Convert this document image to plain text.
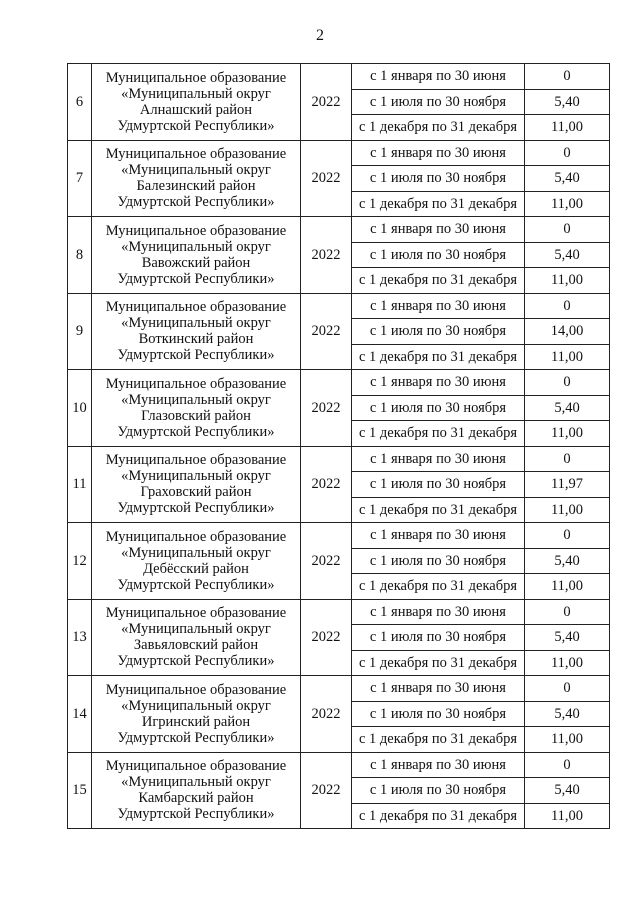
2
6	Муниципальное образование
«Муниципальный округ
Алнашский район
Удмуртской Республики»	2022	с 1 января по 30 июня	0
			с 1 июля по 30 ноября	5,40
			с 1 декабря по 31 декабря	11,00
7	Муниципальное образование
«Муниципальный округ
Балезинский район
Удмуртской Республики»	2022	с 1 января по 30 июня	0
			с 1 июля по 30 ноября	5,40
			с 1 декабря по 31 декабря	11,00
8	Муниципальное образование
«Муниципальный округ
Вавожский район
Удмуртской Республики»	2022	с 1 января по 30 июня	0
			с 1 июля по 30 ноября	5,40
			с 1 декабря по 31 декабря	11,00
9	Муниципальное образование
«Муниципальный округ
Воткинский район
Удмуртской Республики»	2022	с 1 января по 30 июня	0
			с 1 июля по 30 ноября	14,00
			с 1 декабря по 31 декабря	11,00
10	Муниципальное образование
«Муниципальный округ
Глазовский район
Удмуртской Республики»	2022	с 1 января по 30 июня	0
			с 1 июля по 30 ноября	5,40
			с 1 декабря по 31 декабря	11,00
11	Муниципальное образование
«Муниципальный округ
Граховский район
Удмуртской Республики»	2022	с 1 января по 30 июня	0
			с 1 июля по 30 ноября	11,97
			с 1 декабря по 31 декабря	11,00
12	Муниципальное образование
«Муниципальный округ
Дебёсский район
Удмуртской Республики»	2022	с 1 января по 30 июня	0
			с 1 июля по 30 ноября	5,40
			с 1 декабря по 31 декабря	11,00
13	Муниципальное образование
«Муниципальный округ
Завьяловский район
Удмуртской Республики»	2022	с 1 января по 30 июня	0
			с 1 июля по 30 ноября	5,40
			с 1 декабря по 31 декабря	11,00
14	Муниципальное образование
«Муниципальный округ
Игринский район
Удмуртской Республики»	2022	с 1 января по 30 июня	0
			с 1 июля по 30 ноября	5,40
			с 1 декабря по 31 декабря	11,00
15	Муниципальное образование
«Муниципальный округ
Камбарский район
Удмуртской Республики»	2022	с 1 января по 30 июня	0
			с 1 июля по 30 ноября	5,40
			с 1 декабря по 31 декабря	11,00
